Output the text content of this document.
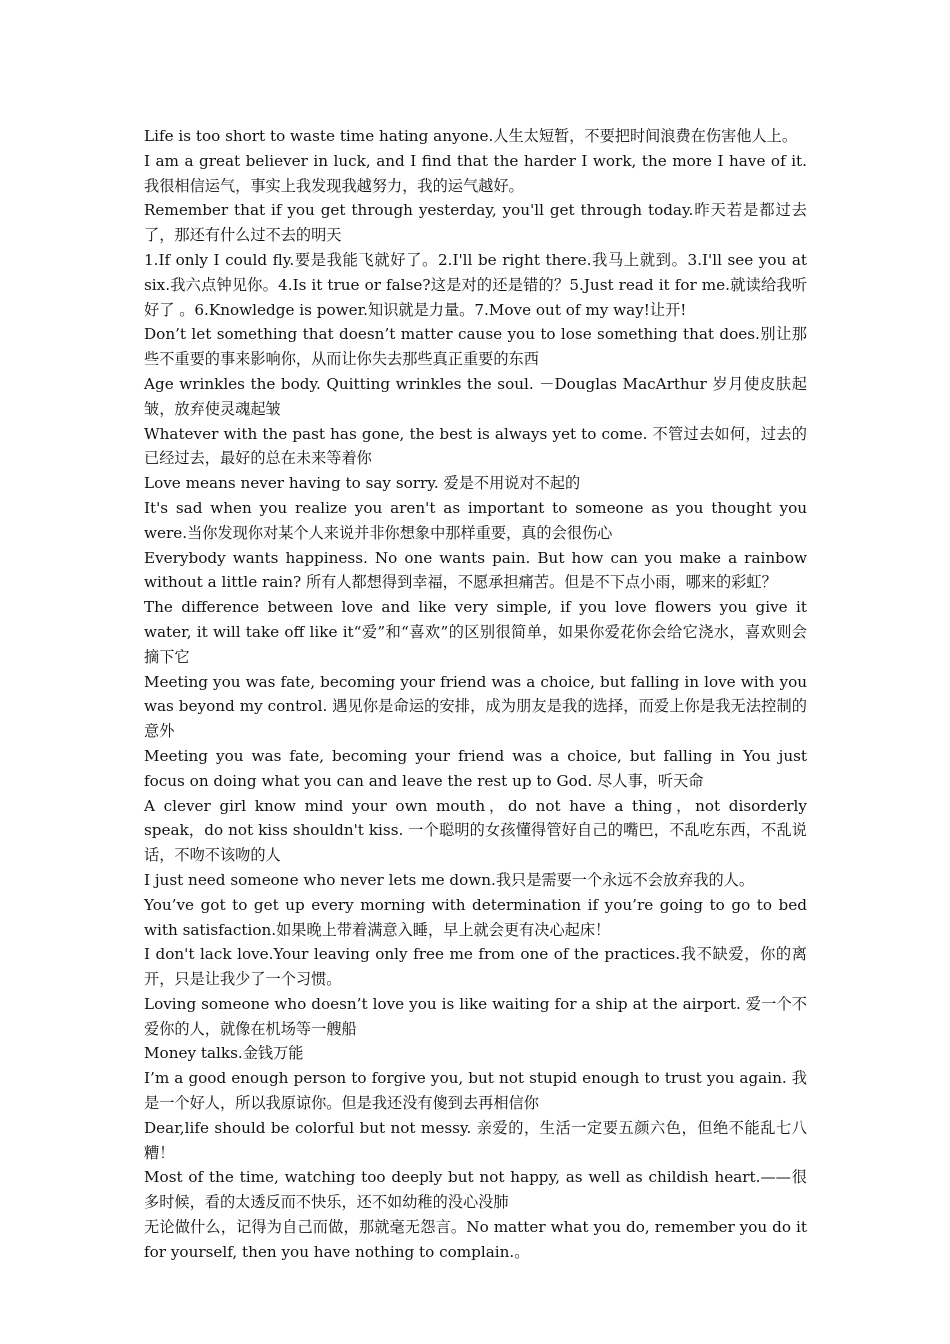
Life is too short to waste time hating anyone.人生太短暂，不要把时间浪费在伤害他人上。

I am a great believer in luck, and I find that the harder I work, the more I have of it. 我很相信运气，事实上我发现我越努力，我的运气越好。

Remember that if you get through yesterday, you'll get through today.昨天若是都过去了，那还有什么过不去的明天

1.If only I could fly.要是我能飞就好了。2.I'll be right there.我马上就到。3.I'll see you at six.我六点钟见你。4.Is it true or false?这是对的还是错的？5.Just read it for me.就读给我听好了 。6.Knowledge is power.知识就是力量。7.Move out of my way!让开!

Don’t let something that doesn’t matter cause you to lose something that does.别让那些不重要的事来影响你，从而让你失去那些真正重要的东西

Age wrinkles the body. Quitting wrinkles the soul. －Douglas MacArthur 岁月使皮肤起皱，放弃使灵魂起皱

Whatever with the past has gone, the best is always yet to come. 不管过去如何，过去的已经过去，最好的总在未来等着你

Love means never having to say sorry. 爱是不用说对不起的

It's sad when you realize you aren't as important to someone as you thought you were.当你发现你对某个人来说并非你想象中那样重要，真的会很伤心

Everybody wants happiness. No one wants pain. But how can you make a rainbow without a little rain? 所有人都想得到幸福，不愿承担痛苦。但是不下点小雨，哪来的彩虹？

The difference between love and like very simple, if you love flowers you give it water, it will take off like it“爱”和“喜欢”的区别很简单，如果你爱花你会给它浇水，喜欢则会摘下它

Meeting you was fate, becoming your friend was a choice, but falling in love with you was beyond my control. 遇见你是命运的安排，成为朋友是我的选择，而爱上你是我无法控制的意外

Meeting you was fate, becoming your friend was a choice, but falling in You just focus on doing what you can and leave the rest up to God. 尽人事，听天命

A clever girl know mind your own mouth，do not have a thing，not disorderly speak，do not kiss shouldn't kiss. 一个聪明的女孩懂得管好自己的嘴巴，不乱吃东西，不乱说话，不吻不该吻的人

I just need someone who never lets me down.我只是需要一个永远不会放弃我的人。

You’ve got to get up every morning with determination if you’re going to go to bed with satisfaction.如果晚上带着满意入睡，早上就会更有决心起床！

I don't lack love.Your leaving only free me from one of the practices.我不缺爱，你的离开，只是让我少了一个习惯。

Loving someone who doesn’t love you is like waiting for a ship at the airport. 爱一个不爱你的人，就像在机场等一艘船

Money talks.金钱万能

I’m a good enough person to forgive you, but not stupid enough to trust you again. 我是一个好人，所以我原谅你。但是我还没有傻到去再相信你

Dear,life should be colorful but not messy. 亲爱的，生活一定要五颜六色，但绝不能乱七八糟！

Most of the time, watching too deeply but not happy, as well as childish heart.——很多时候，看的太透反而不快乐，还不如幼稚的没心没肺

无论做什么，记得为自己而做，那就毫无怨言。No matter what you do, remember you do it for yourself, then you have nothing to complain.。
